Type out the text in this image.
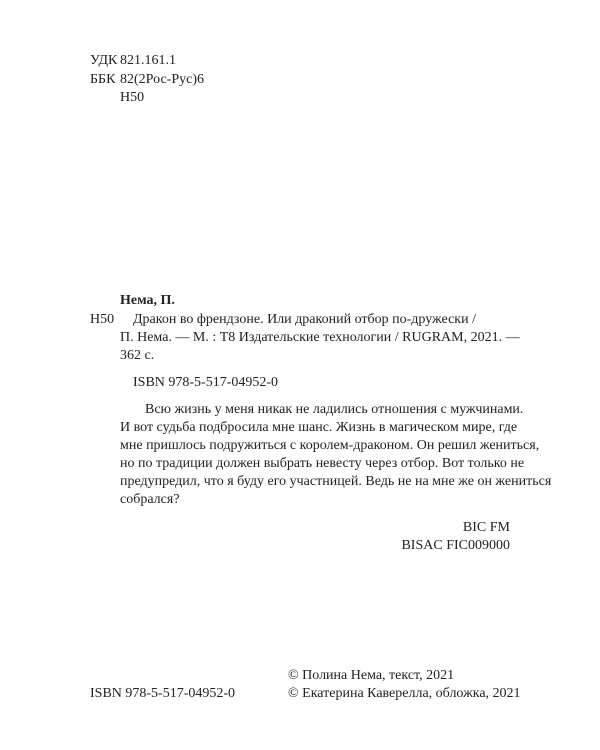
УДК 821.161.1
ББК 82(2Рос-Рус)6
Н50
Нема, П.
Н50 Дракон во френдзоне. Или драконий отбор по-дружески /
П. Нема. — М. : Т8 Издательские технологии / RUGRAM, 2021. —
362 с.
ISBN 978-5-517-04952-0
Всю жизнь у меня никак не ладились отношения с мужчинами.
И вот судьба подбросила мне шанс. Жизнь в магическом мире, где
мне пришлось подружиться с королем-драконом. Он решил жениться,
но по традиции должен выбрать невесту через отбор. Вот только не
предупредил, что я буду его участницей. Ведь не на мне же он жениться
собрался?
BIC FM
BISAC FIC009000
© Полина Нема, текст, 2021
ISBN 978-5-517-04952-0	© Екатерина Каверелла, обложка, 2021
